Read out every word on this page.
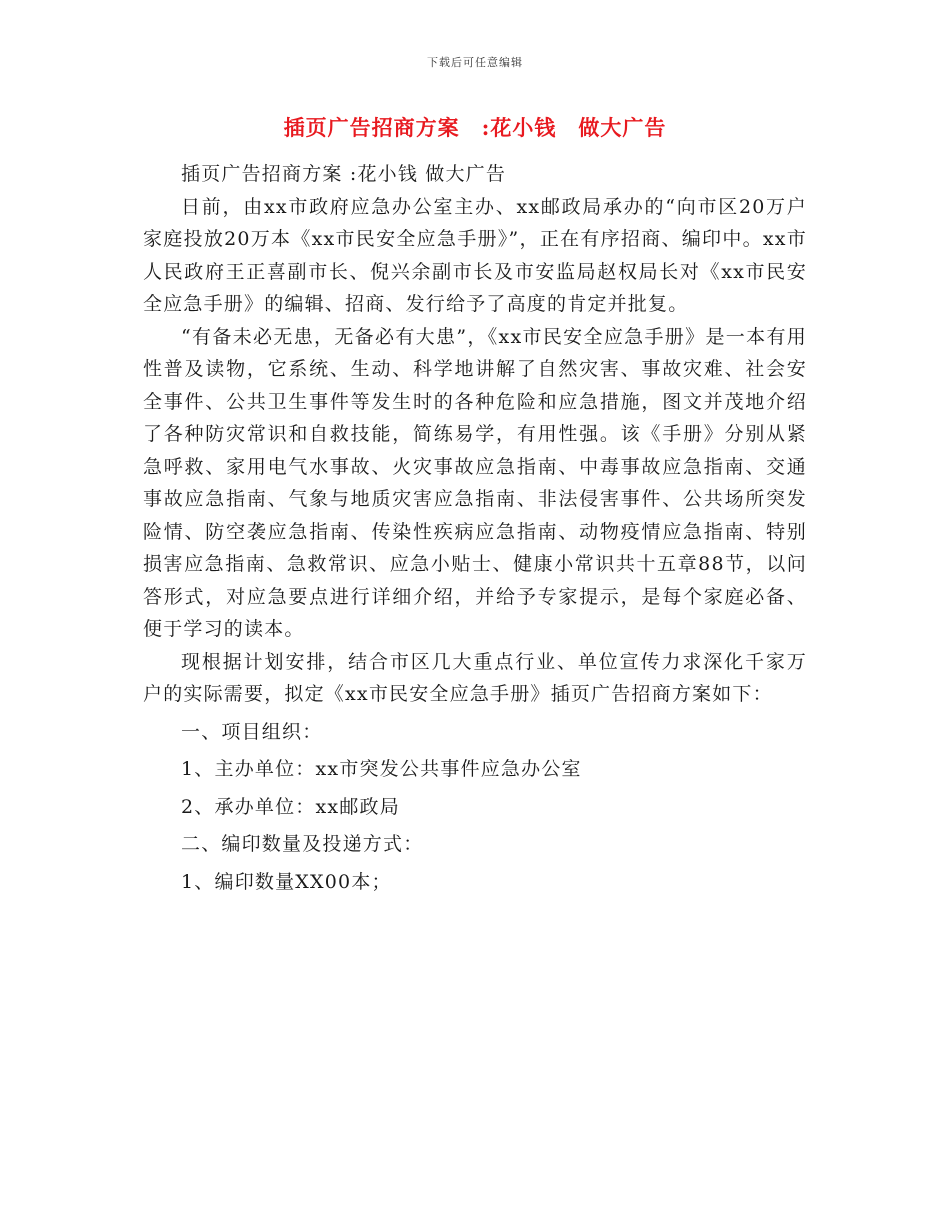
下载后可任意编辑
插页广告招商方案　:花小钱　做大广告

插页广告招商方案 :花小钱 做大广告

日前，由xx市政府应急办公室主办、xx邮政局承办的“向市区20万户家庭投放20万本《xx市民安全应急手册》”，正在有序招商、编印中。xx市人民政府王正喜副市长、倪兴余副市长及市安监局赵权局长对《xx市民安全应急手册》的编辑、招商、发行给予了高度的肯定并批复。

“有备未必无患，无备必有大患”，《xx市民安全应急手册》是一本有用性普及读物，它系统、生动、科学地讲解了自然灾害、事故灾难、社会安全事件、公共卫生事件等发生时的各种危险和应急措施，图文并茂地介绍了各种防灾常识和自救技能，简练易学，有用性强。该《手册》分别从紧急呼救、家用电气水事故、火灾事故应急指南、中毒事故应急指南、交通事故应急指南、气象与地质灾害应急指南、非法侵害事件、公共场所突发险情、防空袭应急指南、传染性疾病应急指南、动物疫情应急指南、特别损害应急指南、急救常识、应急小贴士、健康小常识共十五章88节，以问答形式，对应急要点进行详细介绍，并给予专家提示，是每个家庭必备、便于学习的读本。

现根据计划安排，结合市区几大重点行业、单位宣传力求深化千家万户的实际需要，拟定《xx市民安全应急手册》插页广告招商方案如下：

一、项目组织：

1、主办单位：xx市突发公共事件应急办公室

2、承办单位：xx邮政局

二、编印数量及投递方式：

1、编印数量XX00本；
